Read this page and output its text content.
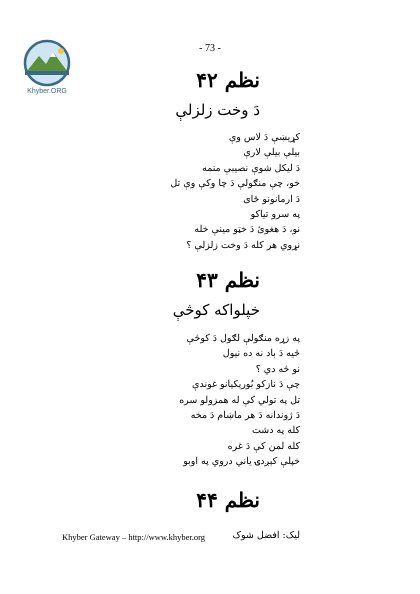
- 73 -
Khyber.ORG	نظم ۴۲
دَ وخت زلزلې
کړیښې دَ لاس وې
بيلې بيلې لارې
دَ ليکل شوې نصيبې منمه
خو، چې منګولې دَ چا وکې وې تل
دَ ارمانونو ځای
په سرو تياکو
نو، دَ هغوئ دَ خټو مينې خله
نړوي هر کله دَ وخت زلزلې ؟
نظم ۴۳
خپلواکه کوڅې
په زړه منګولې لګول دَ کوڅې
څيه دَ باد نه ده نيول
نو څه دي ؟
چې دَ نازکو بُورېکيانو غوندې
تل په تولي کې له همزولو سره
دَ ژوندانه دَ هر ماښام دَ مخه
کله په دشت
کله لمن کې دَ غره
خپلې کېږدۍ ياني دروي په اوبو
نظم ۴۴
Khyber Gateway – http://www.khyber.org	ليک: افضل شوک
